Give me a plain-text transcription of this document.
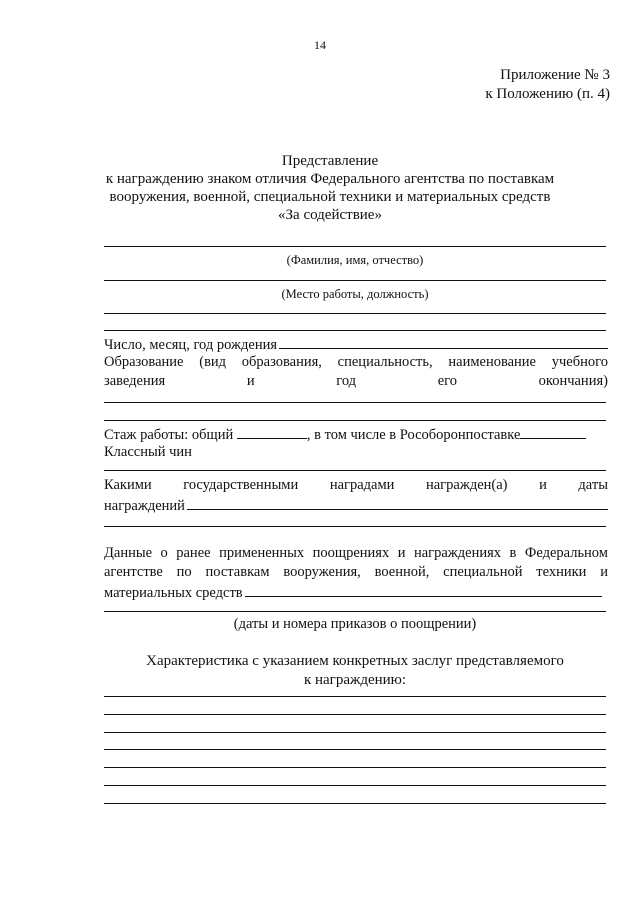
14
Приложение № 3
к Положению (п. 4)
Представление
к награждению знаком отличия Федерального агентства по поставкам
вооружения, военной, специальной техники и материальных средств
«За содействие»
(Фамилия, имя, отчество)
(Место работы, должность)
Число, месяц, год рождения
Образование (вид образования, специальность, наименование учебного
заведения	и	год	его	окончания)
Стаж работы: общий	, в том числе в Рособоронпоставке
Классный чин
Какими государственными наградами награжден(а) и даты
награждений
Данные о ранее примененных поощрениях и награждениях в Федеральном
агентстве по поставкам вооружения, военной, специальной техники и
материальных средств
(даты и номера приказов о поощрении)
Характеристика с указанием конкретных заслуг представляемого
к награждению:
